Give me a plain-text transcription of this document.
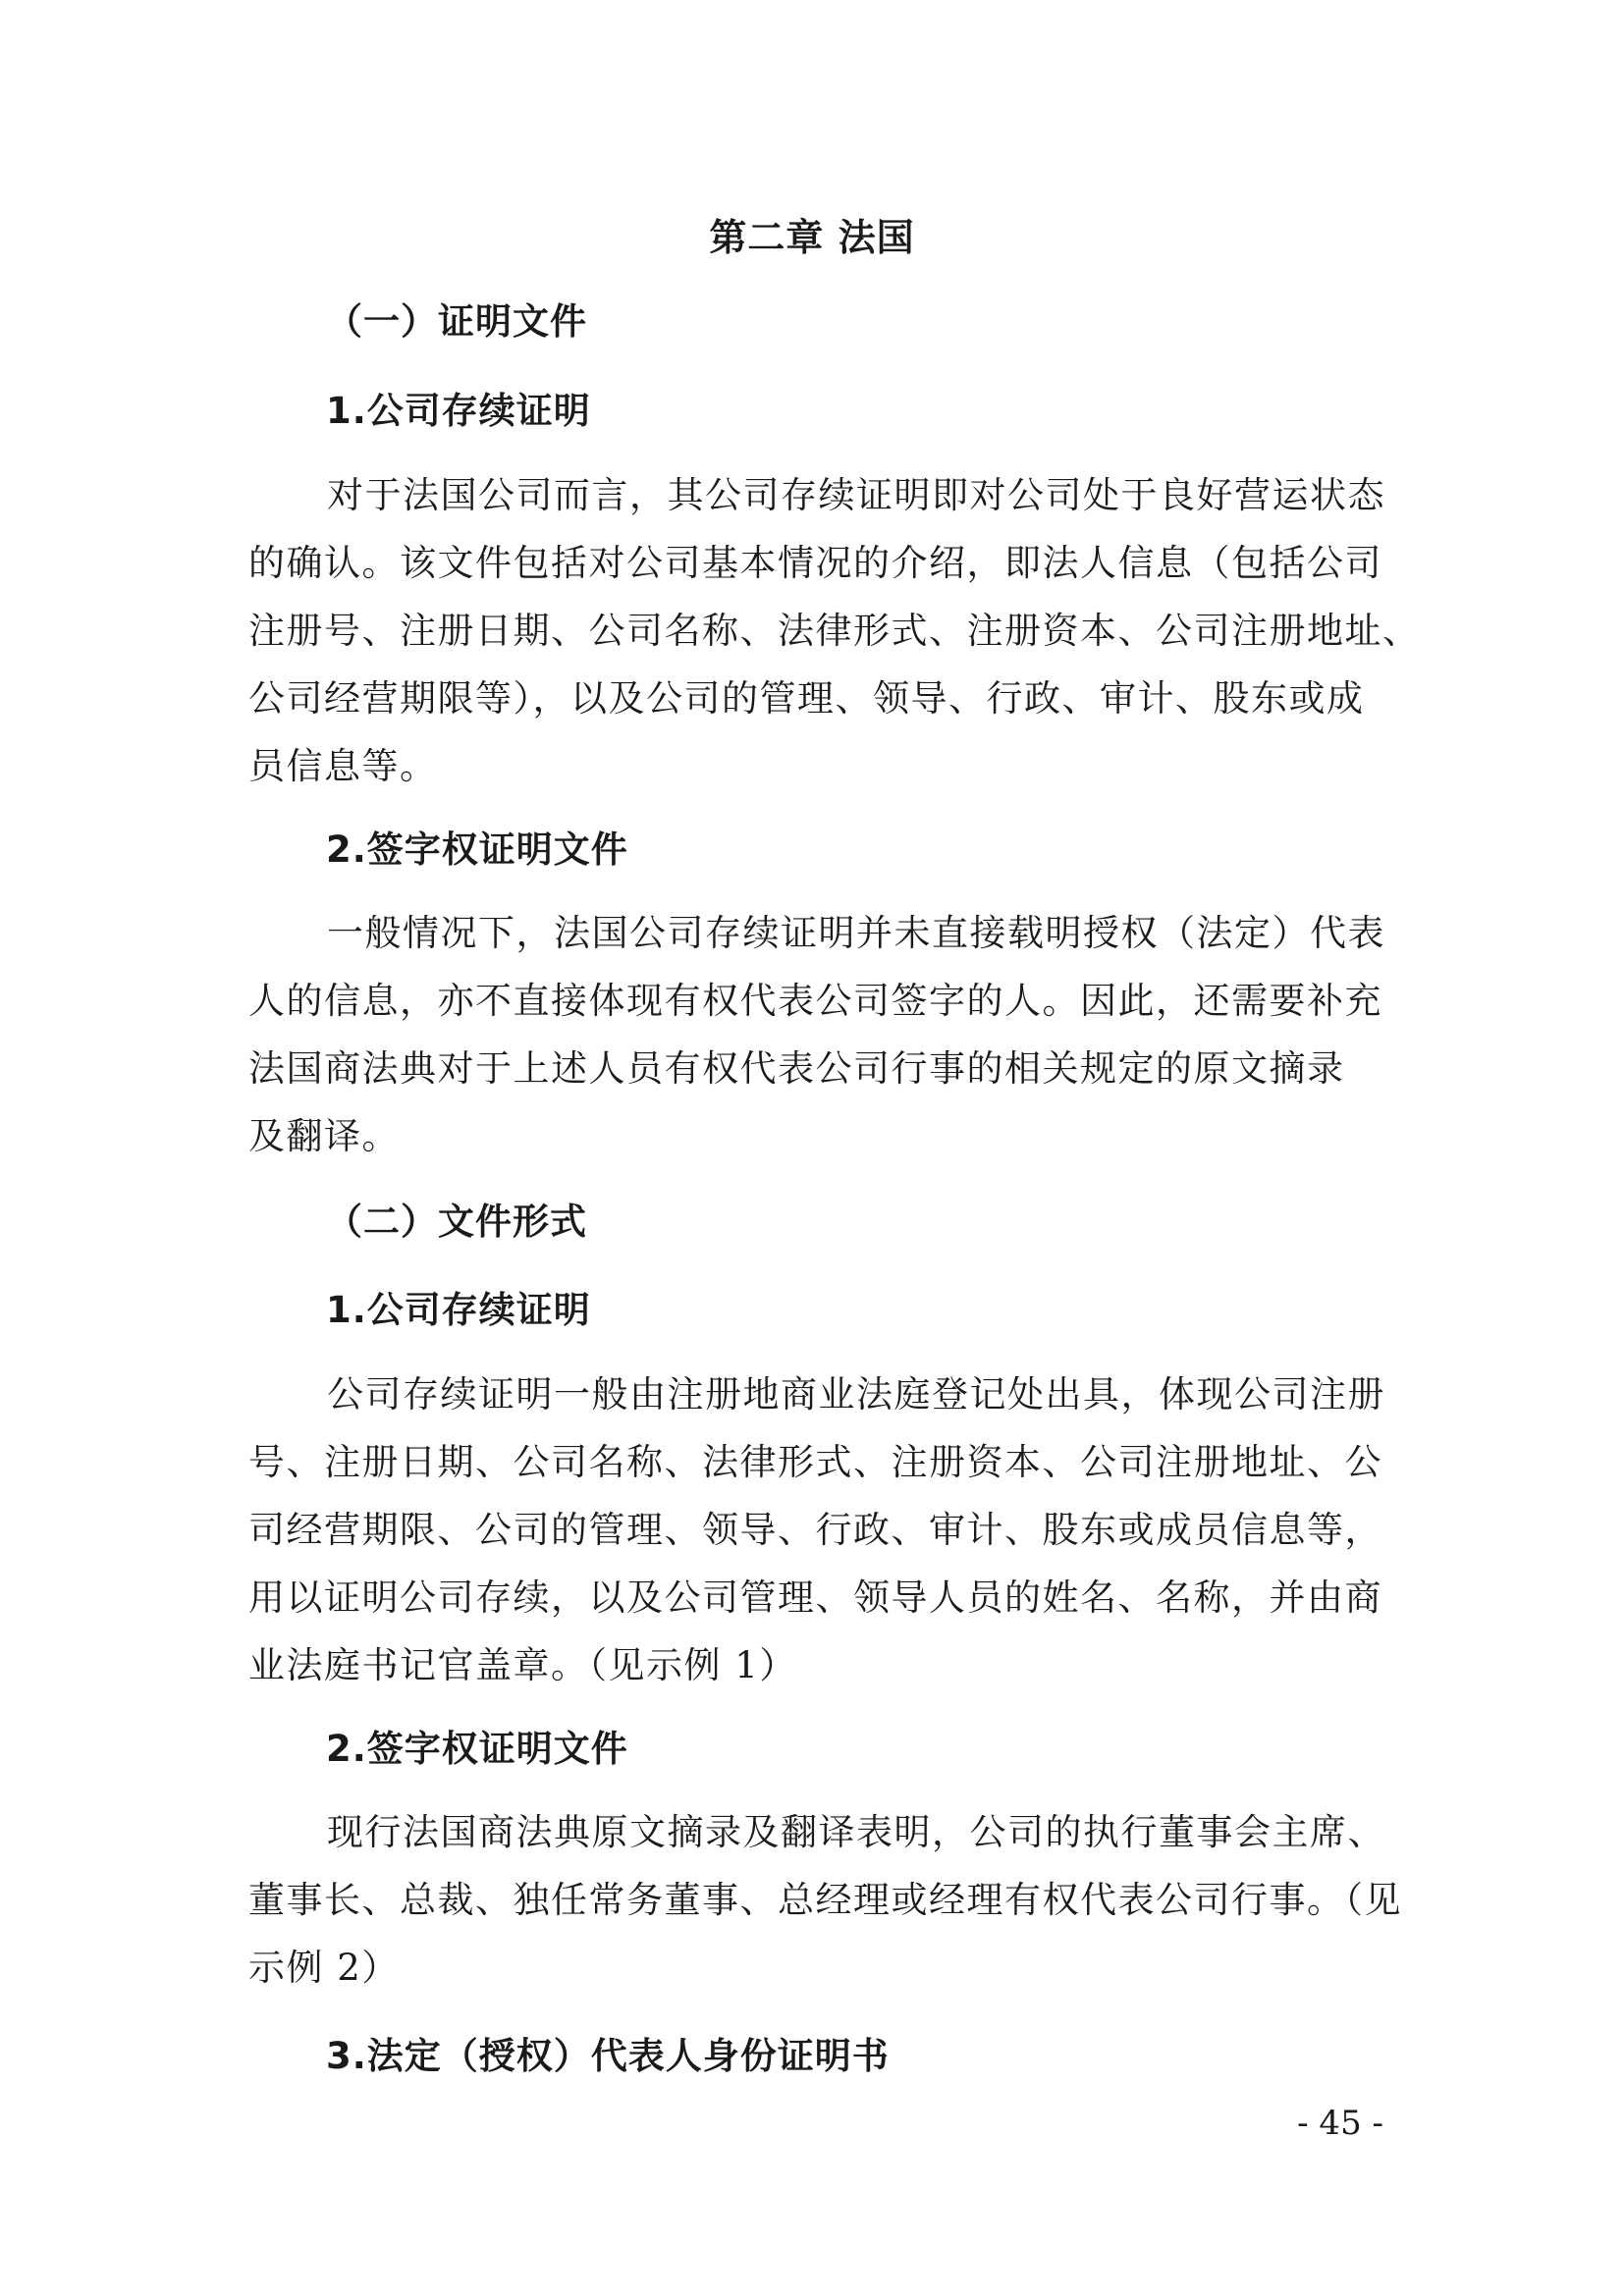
第二章 法国
（一）证明文件
1.公司存续证明
对于法国公司而言，其公司存续证明即对公司处于良好营运状态
的确认。该文件包括对公司基本情况的介绍，即法人信息（包括公司
注册号、注册日期、公司名称、法律形式、注册资本、公司注册地址、
公司经营期限等），以及公司的管理、领导、行政、审计、股东或成
员信息等。
2.签字权证明文件
一般情况下，法国公司存续证明并未直接载明授权（法定）代表
人的信息，亦不直接体现有权代表公司签字的人。因此，还需要补充
法国商法典对于上述人员有权代表公司行事的相关规定的原文摘录
及翻译。
（二）文件形式
1.公司存续证明
公司存续证明一般由注册地商业法庭登记处出具，体现公司注册
号、注册日期、公司名称、法律形式、注册资本、公司注册地址、公
司经营期限、公司的管理、领导、行政、审计、股东或成员信息等，
用以证明公司存续，以及公司管理、领导人员的姓名、名称，并由商
业法庭书记官盖章。（见示例 1）
2.签字权证明文件
现行法国商法典原文摘录及翻译表明，公司的执行董事会主席、
董事长、总裁、独任常务董事、总经理或经理有权代表公司行事。（见
示例 2）
3.法定（授权）代表人身份证明书
- 45 -
